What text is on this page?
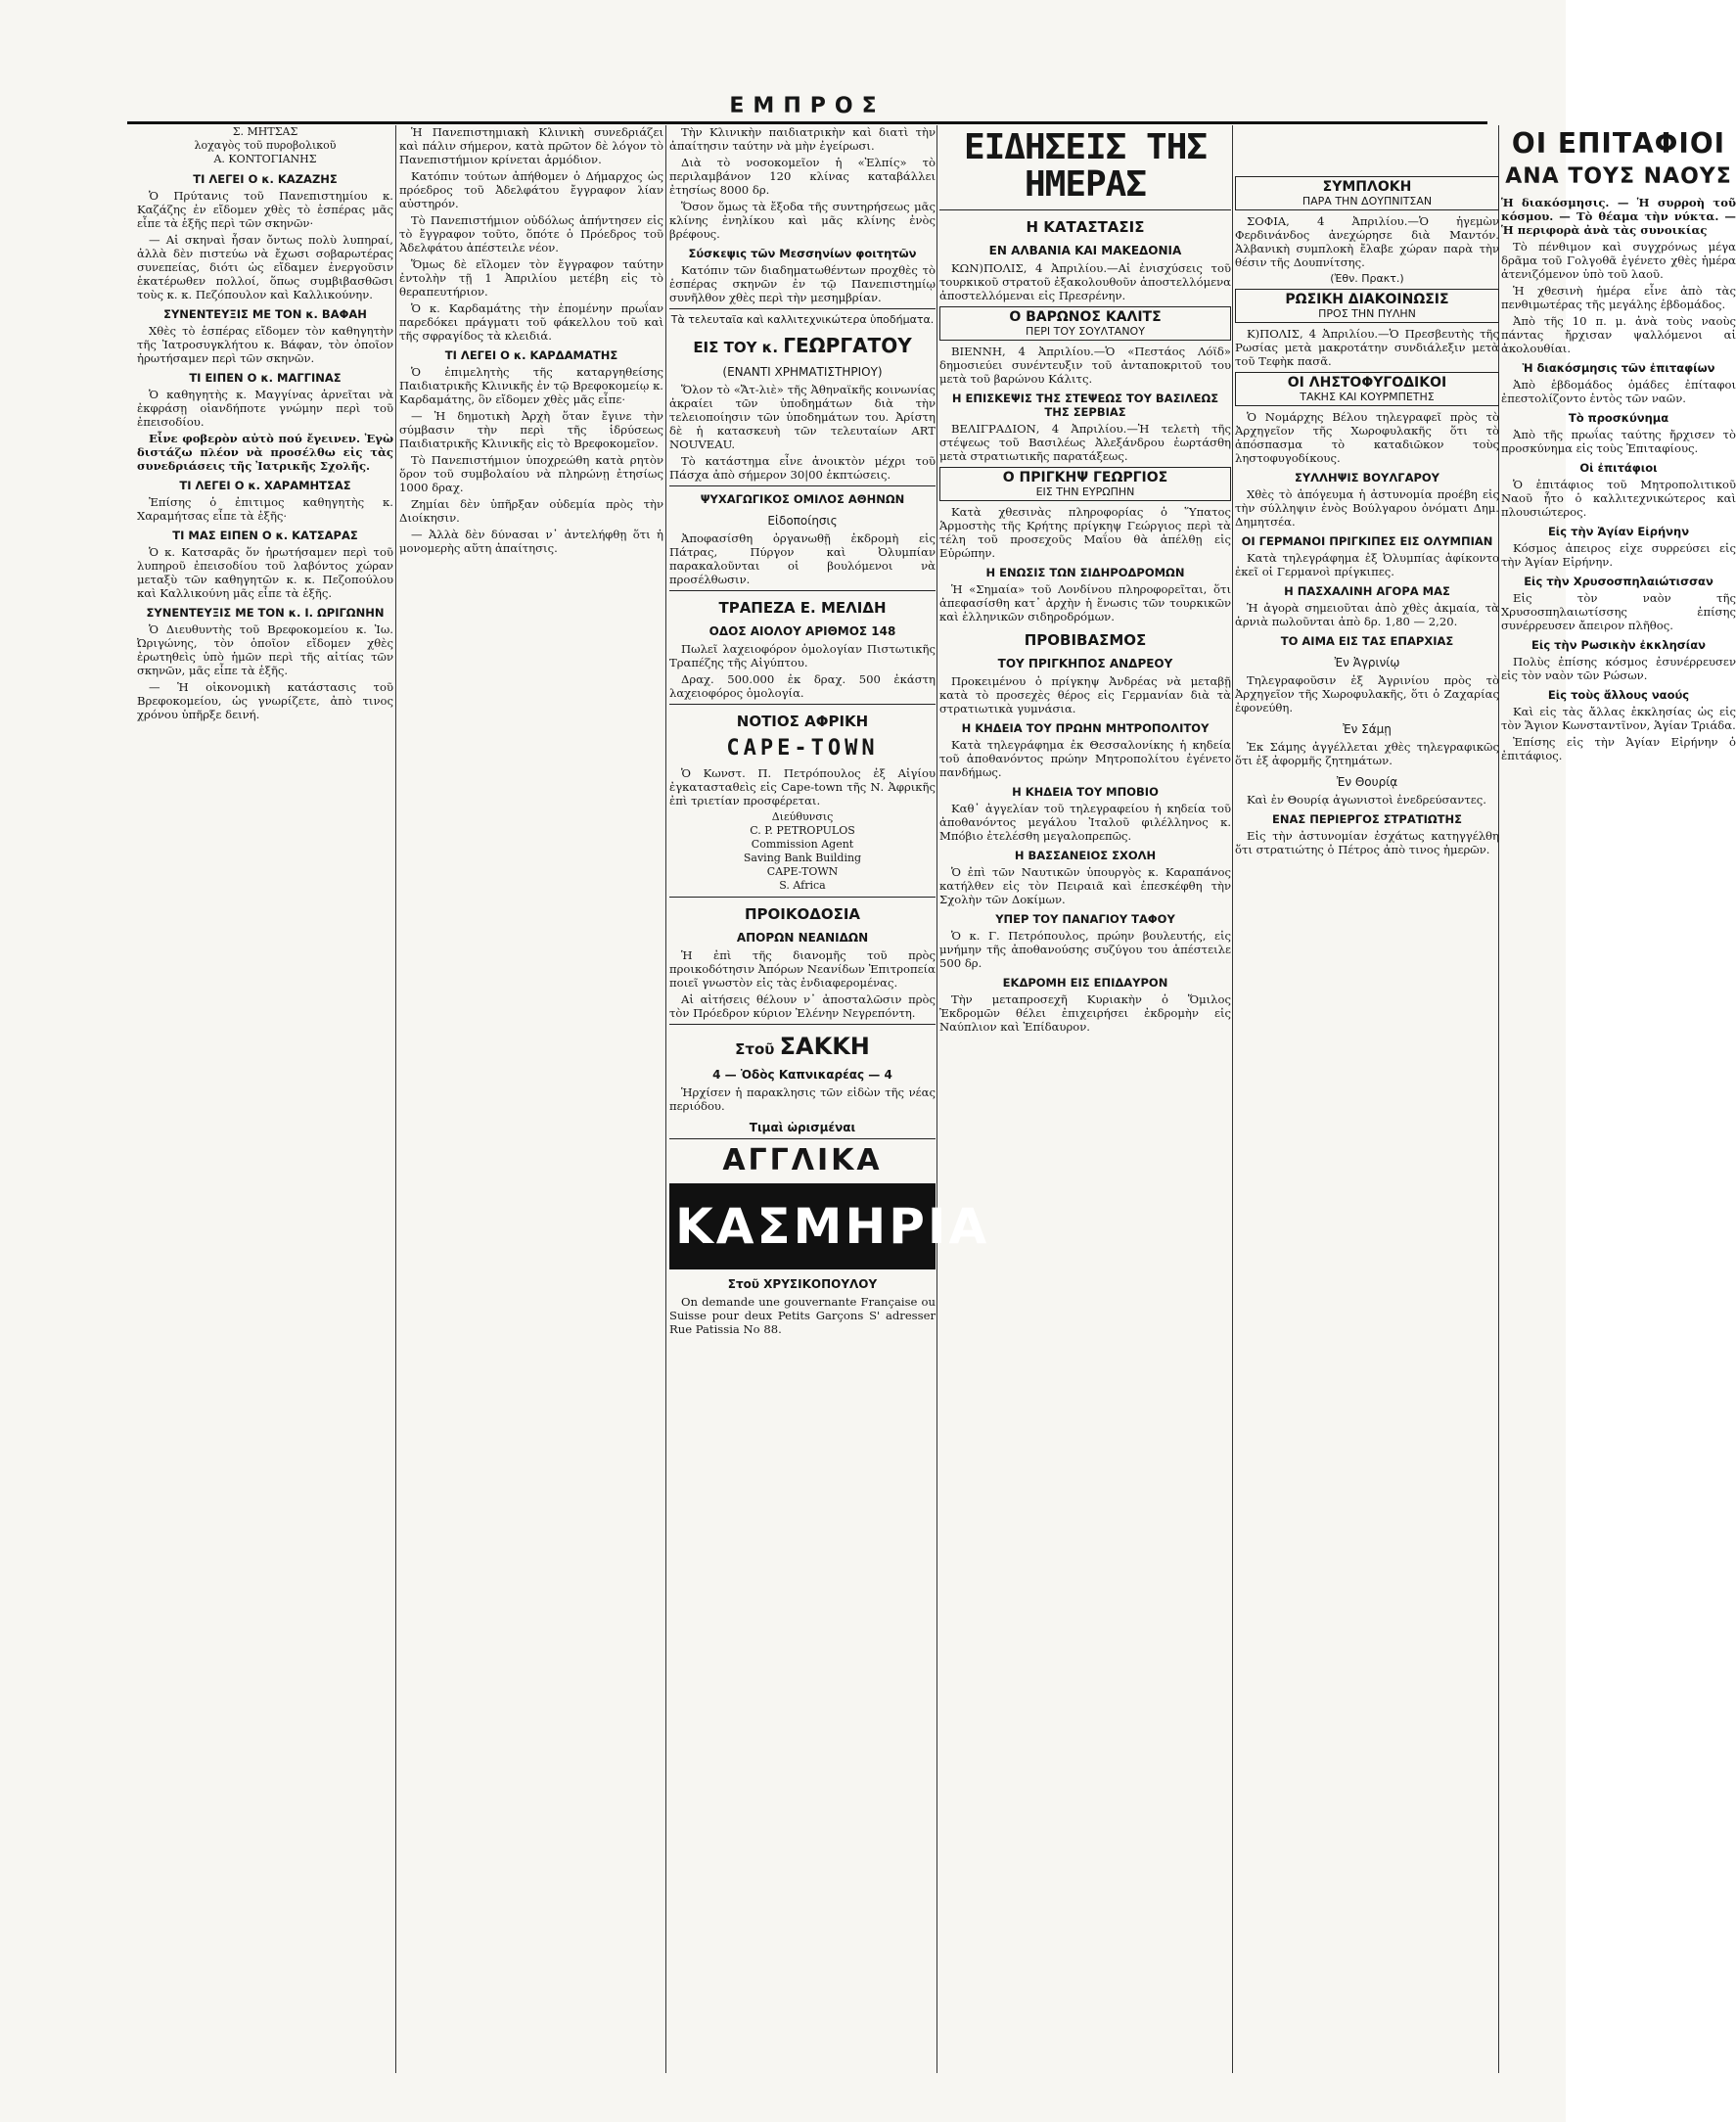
ΕΜΠΡΟΣ
Σ. ΜΗΤΣΑΣ
λοχαγὸς τοῦ πυροβολικοῦ
Α. ΚΟΝΤΟΓΙΑΝΗΣ
ΤΙ ΛΕΓΕΙ Ο κ. ΚΑΖΑΖΗΣ

Ὁ Πρύτανις τοῦ Πανεπιστημίου κ. Καζάζης ἐν εἴδομεν χθὲς τὸ ἑσπέρας μᾶς εἶπε τὰ ἑξῆς περὶ τῶν σκηνῶν·

— Αἱ σκηναὶ ἦσαν ὄντως πολὺ λυπηραί, ἀλλὰ δὲν πιστεύω νὰ ἔχωσι σοβαρωτέρας συνεπείας, διότι ὡς εἴδαμεν ἐνεργοῦσιν ἑκατέρωθεν πολλοί, ὅπως συμβιβασθῶσι τοὺς κ. κ. Πεζόπουλον καὶ Καλλικούνην.

ΣΥΝΕΝΤΕΥΞΙΣ ΜΕ ΤΟΝ κ. ΒΑΦΑΗ

Χθὲς τὸ ἑσπέρας εἴδομεν τὸν καθηγητὴν τῆς Ἰατροσυγκλήτου κ. Βάφαν, τὸν ὁποῖον ἠρωτήσαμεν περὶ τῶν σκηνῶν.

ΤΙ ΕΙΠΕΝ Ο κ. ΜΑΓΓΙΝΑΣ

Ὁ καθηγητὴς κ. Μαγγίνας ἀρνεῖται νὰ ἐκφράσῃ οἱανδήποτε γνώμην περὶ τοῦ ἐπεισοδίου.

Εἶνε φοβερὸν αὐτὸ πού ἔγεινεν. Ἐγὼ διστάζω πλέον νὰ προσέλθω εἰς τὰς συνεδριάσεις τῆς Ἰατρικῆς Σχολῆς.

ΤΙ ΛΕΓΕΙ Ο κ. ΧΑΡΑΜΗΤΣΑΣ

Ἐπίσης ὁ ἐπιτιμος καθηγητὴς κ. Χαραμήτσας εἶπε τὰ ἑξῆς·

ΤΙ ΜΑΣ ΕΙΠΕΝ Ο κ. ΚΑΤΣΑΡΑΣ

Ὁ κ. Κατσαρᾶς ὅν ἠρωτήσαμεν περὶ τοῦ λυπηροῦ ἐπεισοδίου τοῦ λαβόντος χώραν μεταξὺ τῶν καθηγητῶν κ. κ. Πεζοπούλου καὶ Καλλικούνη μᾶς εἶπε τὰ ἑξῆς.

ΣΥΝΕΝΤΕΥΞΙΣ ΜΕ ΤΟΝ κ. Ι. ΩΡΙΓΩΝΗΝ

Ὁ Διευθυντὴς τοῦ Βρεφοκομείου κ. Ἰω. Ὠριγώνης, τὸν ὁποῖον εἴδομεν χθὲς ἐρωτηθεὶς ὑπὸ ἡμῶν περὶ τῆς αἰτίας τῶν σκηνῶν, μᾶς εἶπε τὰ ἑξῆς.

— Ἡ οἰκονομικὴ κατάστασις τοῦ Βρεφοκομείου, ὡς γνωρίζετε, ἀπὸ τινος χρόνου ὑπῆρξε δεινή.

Ἡ Πανεπιστημιακὴ Κλινικὴ συνεδριάζει καὶ πάλιν σήμερον, κατὰ πρῶτον δὲ λόγον τὸ Πανεπιστήμιον κρίνεται ἁρμόδιον.

Κατόπιν τούτων ἀπήθομεν ὁ Δήμαρχος ὡς πρόεδρος τοῦ Ἀδελφάτου ἔγγραφον λίαν αὐστηρόν.

Τὸ Πανεπιστήμιον οὐδόλως ἀπήντησεν εἰς τὸ ἔγγραφον τοῦτο, ὅπότε ὁ Πρόεδρος τοῦ Ἀδελφάτου ἀπέστειλε νέον.

Ὅμως δὲ εἴλομεν τὸν ἔγγραφον ταύτην ἐντολὴν τῇ 1 Ἀπριλίου μετέβη εἰς τὸ θεραπευτήριον.

Ὁ κ. Καρδαμάτης τὴν ἑπομένην πρωΐαν παρεδόκει πράγματι τοῦ φάκελλου τοῦ καὶ τῆς σφραγίδος τὰ κλειδιά.

ΤΙ ΛΕΓΕΙ Ο κ. ΚΑΡΔΑΜΑΤΗΣ

Ὁ ἐπιμελητὴς τῆς καταργηθείσης Παιδιατρικῆς Κλινικῆς ἐν τῷ Βρεφοκομείῳ κ. Καρδαμάτης, ὃν εἴδομεν χθὲς μᾶς εἶπε·

— Ἡ δημοτικὴ Ἀρχὴ ὅταν ἔγινε τὴν σύμβασιν τὴν περὶ τῆς ἱδρύσεως Παιδιατρικῆς Κλινικῆς εἰς τὸ Βρεφοκομεῖον.

Τὸ Πανεπιστήμιον ὑποχρεώθη κατὰ ρητὸν ὅρον τοῦ συμβολαίου νὰ πληρώνῃ ἐτησίως 1000 δραχ.

Ζημίαι δὲν ὑπῆρξαν οὐδεμία πρὸς τὴν Διοίκησιν.

— Ἀλλὰ δὲν δύνασαι ν᾽ ἀντελήφθῃ ὅτι ἡ μονομερὴς αὕτη ἀπαίτησις.

Τὴν Κλινικὴν παιδιατρικὴν καὶ διατὶ τὴν ἀπαίτησιν ταύτην νὰ μὴν ἐγείρωσι.

Διὰ τὸ νοσοκομεῖον ἡ «Ἐλπίς» τὸ περιλαμβάνον 120 κλίνας καταβάλλει ἐτησίως 8000 δρ.

Ὅσον ὅμως τὰ ἔξοδα τῆς συντηρήσεως μᾶς κλίνης ἐνηλίκου καὶ μᾶς κλίνης ἐνὸς βρέφους.

Σύσκεψις τῶν Μεσσηνίων φοιτητῶν

Κατόπιν τῶν διαδηματωθέντων προχθὲς τὸ ἑσπέρας σκηνῶν ἐν τῷ Πανεπιστημίῳ συνῆλθον χθὲς περὶ τὴν μεσημβρίαν.

Τὰ τελευταῖα καὶ καλλιτεχνικώτερα ὑποδήματα.
ΕΙΣ ΤΟΥ κ. ΓΕΩΡΓΑΤΟΥ
(ΕΝΑΝΤΙ ΧΡΗΜΑΤΙΣΤΗΡΙΟΥ)

Ὅλον τὸ «Ἄτ-λιὲ» τῆς Ἀθηναϊκῆς κοινωνίας ἀκραίει τῶν ὑποδημάτων διὰ τὴν τελειοποίησιν τῶν ὑποδημάτων του. Ἀρίστη δὲ ἡ κατασκευὴ τῶν τελευταίων ART NOUVEAU.

Τὸ κατάστημα εἶνε ἀνοικτὸν μέχρι τοῦ Πάσχα ἀπὸ σήμερον 30|00 ἐκπτώσεις.

ΨΥΧΑΓΩΓΙΚΟΣ ΟΜΙΛΟΣ ΑΘΗΝΩΝ
Εἰδοποίησις

Ἀποφασίσθη ὀργανωθῇ ἐκδρομὴ εἰς Πάτρας, Πύργον καὶ Ὀλυμπίαν παρακαλοῦνται οἱ βουλόμενοι νὰ προσέλθωσιν.

ΤΡΑΠΕΖΑ Ε. ΜΕΛΙΔΗ
ΟΔΟΣ ΑΙΟΛΟΥ ΑΡΙΘΜΟΣ 148

Πωλεῖ λαχειοφόρον ὁμολογίαν Πιστωτικῆς Τραπέζης τῆς Αἰγύπτου.

Δραχ. 500.000 ἐκ δραχ. 500 ἐκάστη λαχειοφόρος ὁμολογία.

ΝΟΤΙΟΣ ΑΦΡΙΚΗ
CAPE-TOWN

Ὁ Κωνστ. Π. Πετρόπουλος ἐξ Αἰγίου ἐγκατασταθεὶς εἰς Cape-town τῆς Ν. Ἀφρικῆς ἐπὶ τριετίαν προσφέρεται.

Διεύθυνσις
C. P. PETROPULOS
Commission Agent
Saving Bank Building
CAPE-TOWN
S. Africa
ΠΡΟΙΚΟΔΟΣΙΑ
ΑΠΟΡΩΝ ΝΕΑΝΙΔΩΝ

Ἡ ἐπὶ τῆς διανομῆς τοῦ πρὸς προικοδότησιν Ἀπόρων Νεανίδων Ἐπιτροπεία ποιεῖ γνωστὸν εἰς τὰς ἐνδιαφερομένας.

Αἱ αἰτήσεις θέλουν ν᾽ ἀποσταλῶσιν πρὸς τὸν Πρόεδρον κύριον Ἐλένην Νεγρεπόντη.

Στοῦ ΣΑΚΚΗ
4 — Ὁδὸς Καπνικαρέας — 4

Ἡρχίσεν ἡ παρακλησις τῶν εἰδὼν τῆς νέας περιόδου.

Τιμαὶ ὡρισμέναι
ΑΓΓΛΙΚΑ
ΚΑΣΜΗΡΙΑ
Στοῦ ΧΡΥΣΙΚΟΠΟΥΛΟΥ

On demande une gouvernante Française ou Suisse pour deux Petits Garçons S' adresser Rue Patissia No 88.

ΕΙΔΗΣΕΙΣ ΤΗΣ ΗΜΕΡΑΣ
Η ΚΑΤΑΣΤΑΣΙΣ
ΕΝ ΑΛΒΑΝΙΑ ΚΑΙ ΜΑΚΕΔΟΝΙΑ

ΚΩΝ)ΠΟΛΙΣ, 4 Ἀπριλίου.—Αἱ ἐνισχύσεις τοῦ τουρκικοῦ στρατοῦ ἐξακολουθοῦν ἀποστελλόμενα ἀποστελλόμεναι εἰς Πρεσρένην.

Ο ΒΑΡΩΝΟΣ ΚΑΛΙΤΣ
ΠΕΡΙ ΤΟΥ ΣΟΥΛΤΑΝΟΥ

ΒΙΕΝΝΗ, 4 Ἀπριλίου.—Ὁ «Πεστάος Λόϊδ» δημοσιεύει συνέντευξιν τοῦ ἀνταποκριτοῦ του μετὰ τοῦ βαρώνου Κάλιτς.

Η ΕΠΙΣΚΕΨΙΣ ΤΗΣ ΣΤΕΨΕΩΣ ΤΟΥ ΒΑΣΙΛΕΩΣ ΤΗΣ ΣΕΡΒΙΑΣ

ΒΕΛΙΓΡΑΔΙΟΝ, 4 Ἀπριλίου.—Ἡ τελετὴ τῆς στέψεως τοῦ Βασιλέως Ἀλεξάνδρου ἐωρτάσθη μετὰ στρατιωτικῆς παρατάξεως.

Ο ΠΡΙΓΚΗΨ ΓΕΩΡΓΙΟΣ
ΕΙΣ ΤΗΝ ΕΥΡΩΠΗΝ

Κατὰ χθεσινὰς πληροφορίας ὁ Ὕπατος Ἁρμοστὴς τῆς Κρήτης πρίγκηψ Γεώργιος περὶ τὰ τέλη τοῦ προσεχοῦς Μαΐου θὰ ἀπέλθῃ εἰς Εὐρώπην.

Η ΕΝΩΣΙΣ ΤΩΝ ΣΙΔΗΡΟΔΡΟΜΩΝ

Ἡ «Σημαία» τοῦ Λονδίνου πληροφορεῖται, ὅτι ἀπεφασίσθη κατ᾽ ἀρχὴν ἡ ἕνωσις τῶν τουρκικῶν καὶ ἑλληνικῶν σιδηροδρόμων.

ΠΡΟΒΙΒΑΣΜΟΣ
ΤΟΥ ΠΡΙΓΚΗΠΟΣ ΑΝΔΡΕΟΥ

Προκειμένου ὁ πρίγκηψ Ἀνδρέας νὰ μεταβῇ κατὰ τὸ προσεχὲς θέρος εἰς Γερμανίαν διὰ τὰ στρατιωτικὰ γυμνάσια.

Η ΚΗΔΕΙΑ ΤΟΥ ΠΡΩΗΝ ΜΗΤΡΟΠΟΛΙΤΟΥ

Κατὰ τηλεγράφημα ἐκ Θεσσαλονίκης ἡ κηδεία τοῦ ἀποθανόντος πρώην Μητροπολίτου ἐγένετο πανδήμως.

Η ΚΗΔΕΙΑ ΤΟΥ ΜΠΟΒΙΟ

Καθ᾽ ἀγγελίαν τοῦ τηλεγραφείου ἡ κηδεία τοῦ ἀποθανόντος μεγάλου Ἰταλοῦ φιλέλληνος κ. Μπόβιο ἐτελέσθη μεγαλοπρεπῶς.

Η ΒΑΣΣΑΝΕΙΟΣ ΣΧΟΛΗ

Ὁ ἐπὶ τῶν Ναυτικῶν ὑπουργὸς κ. Καραπάνος κατήλθεν εἰς τὸν Πειραιᾶ καὶ ἐπεσκέφθη τὴν Σχολὴν τῶν Δοκίμων.

ΥΠΕΡ ΤΟΥ ΠΑΝΑΓΙΟΥ ΤΑΦΟΥ

Ὁ κ. Γ. Πετρόπουλος, πρώην βουλευτής, εἰς μνήμην τῆς ἀποθανούσης συζύγου του ἀπέστειλε 500 δρ.

ΕΚΔΡΟΜΗ ΕΙΣ ΕΠΙΔΑΥΡΟΝ

Τὴν μεταπροσεχῆ Κυριακὴν ὁ Ὅμιλος Ἐκδρομῶν θέλει ἐπιχειρήσει ἐκδρομὴν εἰς Ναύπλιον καὶ Ἐπίδαυρον.

ΣΥΜΠΛΟΚΗ
ΠΑΡΑ ΤΗΝ ΔΟΥΠΝΙΤΣΑΝ

ΣΟΦΙΑ, 4 Ἀπριλίου.—Ὁ ἡγεμὼν Φερδινάνδος ἀνεχώρησε διὰ Μαντόν. Ἀλβανικὴ συμπλοκὴ ἔλαβε χώραν παρὰ τὴν θέσιν τῆς Δουπνίτσης.

(Ἐθν. Πρακτ.)
ΡΩΣΙΚΗ ΔΙΑΚΟΙΝΩΣΙΣ
ΠΡΟΣ ΤΗΝ ΠΥΛΗΝ

Κ)ΠΟΛΙΣ, 4 Ἀπριλίου.—Ὁ Πρεσβευτὴς τῆς Ρωσίας μετὰ μακροτάτην συνδιάλεξιν μετὰ τοῦ Τεφὴκ πασᾶ.

ΟΙ ΛΗΣΤΟΦΥΓΟΔΙΚΟΙ
ΤΑΚΗΣ ΚΑΙ ΚΟΥΡΜΠΕΤΗΣ

Ὁ Νομάρχης Βέλου τηλεγραφεῖ πρὸς τὸ Ἀρχηγεῖον τῆς Χωροφυλακῆς ὅτι τὸ ἀπόσπασμα τὸ καταδιῶκον τοὺς ληστοφυγοδίκους.

ΣΥΛΛΗΨΙΣ ΒΟΥΛΓΑΡΟΥ

Χθὲς τὸ ἀπόγευμα ἡ ἀστυνομία προέβη εἰς τὴν σύλληψιν ἑνὸς Βούλγαρου ὀνόματι Δημ. Δημητσέα.

ΟΙ ΓΕΡΜΑΝΟΙ ΠΡΙΓΚΙΠΕΣ ΕΙΣ ΟΛΥΜΠΙΑΝ

Κατὰ τηλεγράφημα ἐξ Ὀλυμπίας ἀφίκοντο ἐκεῖ οἱ Γερμανοὶ πρίγκιπες.

Η ΠΑΣΧΑΛΙΝΗ ΑΓΟΡΑ ΜΑΣ

Ἡ ἀγορὰ σημειοῦται ἀπὸ χθὲς ἀκμαία, τὰ ἀρνιὰ πωλοῦνται ἀπὸ δρ. 1,80 — 2,20.

ΤΟ ΑΙΜΑ ΕΙΣ ΤΑΣ ΕΠΑΡΧΙΑΣ
Ἐν Ἀγρινίῳ

Τηλεγραφοῦσιν ἐξ Ἀγρινίου πρὸς τὸ Ἀρχηγεῖον τῆς Χωροφυλακῆς, ὅτι ὁ Ζαχαρίας ἐφονεύθη.

Ἐν Σάμῃ

Ἐκ Σάμης ἀγγέλλεται χθὲς τηλεγραφικῶς ὅτι ἐξ ἀφορμῆς ζητημάτων.

Ἐν Θουρίᾳ

Καὶ ἐν Θουρίᾳ ἀγωνιστοὶ ἐνεδρεύσαντες.

ΕΝΑΣ ΠΕΡΙΕΡΓΟΣ ΣΤΡΑΤΙΩΤΗΣ

Εἰς τὴν ἀστυνομίαν ἐσχάτως κατηγγέλθη ὅτι στρατιώτης ὁ Πέτρος ἀπὸ τινος ἡμερῶν.

ΟΙ ΕΠΙΤΑΦΙΟΙ
ΑΝΑ ΤΟΥΣ ΝΑΟΥΣ

Ἡ διακόσμησις. — Ἡ συρροὴ τοῦ κόσμου. — Τὸ θέαμα τὴν νύκτα. — Ἡ περιφορὰ ἀνὰ τὰς συνοικίας

Τὸ πένθιμον καὶ συγχρόνως μέγα δρᾶμα τοῦ Γολγοθᾶ ἐγένετο χθὲς ἡμέρα ἀτενιζόμενον ὑπὸ τοῦ λαοῦ.

Ἡ χθεσινὴ ἡμέρα εἶνε ἀπὸ τὰς πενθιμωτέρας τῆς μεγάλης ἑβδομάδος.

Ἀπὸ τῆς 10 π. μ. ἀνὰ τοὺς ναοὺς πάντας ἤρχισαν ψαλλόμενοι αἱ ἀκολουθίαι.

Ἡ διακόσμησις τῶν ἐπιταφίων

Ἀπὸ ἑβδομάδος ὁμάδες ἐπίταφοι ἐπεστολίζοντο ἐντὸς τῶν ναῶν.

Τὸ προσκύνημα

Ἀπὸ τῆς πρωΐας ταύτης ἤρχισεν τὸ προσκύνημα εἰς τοὺς Ἐπιταφίους.

Οἱ ἐπιτάφιοι

Ὁ ἐπιτάφιος τοῦ Μητροπολιτικοῦ Ναοῦ ἦτο ὁ καλλιτεχνικώτερος καὶ πλουσιώτερος.

Εἰς τὴν Ἁγίαν Εἰρήνην

Κόσμος ἀπειρος εἰχε συρρεύσει εἰς τὴν Ἁγίαν Εἰρήνην.

Εἰς τὴν Χρυσοσπηλαιώτισσαν

Εἰς τὸν ναὸν τῆς Χρυσοσπηλαιωτίσσης ἐπίσης συνέρρευσεν ἄπειρον πλῆθος.

Εἰς τὴν Ρωσικὴν ἐκκλησίαν

Πολὺς ἐπίσης κόσμος ἐσυνέρρευσεν εἰς τὸν ναὸν τῶν Ρώσων.

Εἰς τοὺς ἄλλους ναούς

Καὶ εἰς τὰς ἄλλας ἐκκλησίας ὡς εἰς τὸν Ἅγιον Κωνσταντῖνον, Ἁγίαν Τριάδα.

Ἐπίσης εἰς τὴν Ἁγίαν Εἰρήνην ὁ ἐπιτάφιος.
